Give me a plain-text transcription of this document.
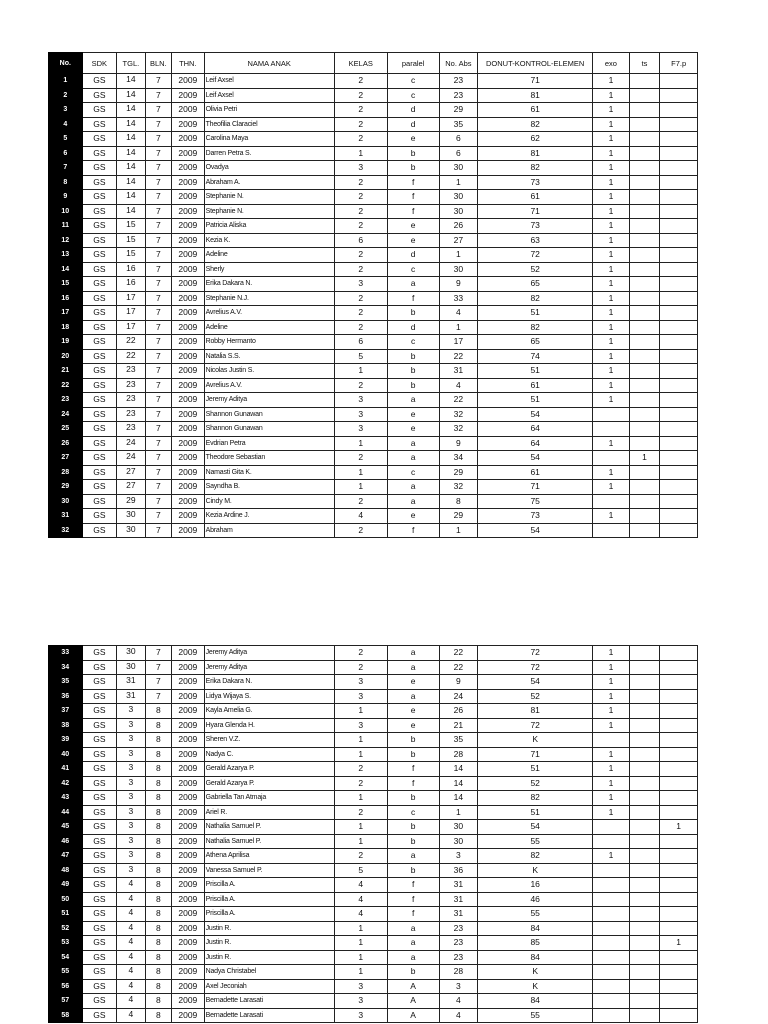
No.	SDK	TGL.	BLN.	THN.	NAMA ANAK	KELAS	paralel	No. Abs	DONUT-KONTROL-ELEMEN	exo	ts	F7.p
1	GS	14	7	2009	Leif Axsel	2	c	23	71	1		
2	GS	14	7	2009	Leif Axsel	2	c	23	81	1		
3	GS	14	7	2009	Olivia Petri	2	d	29	61	1		
4	GS	14	7	2009	Theofilia Claraciel	2	d	35	82	1		
5	GS	14	7	2009	Carolina Maya	2	e	6	62	1		
6	GS	14	7	2009	Darren Petra S.	1	b	6	81	1		
7	GS	14	7	2009	Ovadya	3	b	30	82	1		
8	GS	14	7	2009	Abraham A.	2	f	1	73	1		
9	GS	14	7	2009	Stephanie N.	2	f	30	61	1		
10	GS	14	7	2009	Stephanie N.	2	f	30	71	1		
11	GS	15	7	2009	Patricia Aliska	2	e	26	73	1		
12	GS	15	7	2009	Kezia K.	6	e	27	63	1		
13	GS	15	7	2009	Adeline	2	d	1	72	1		
14	GS	16	7	2009	Sherly	2	c	30	52	1		
15	GS	16	7	2009	Erika Dakara N.	3	a	9	65	1		
16	GS	17	7	2009	Stephanie N.J.	2	f	33	82	1		
17	GS	17	7	2009	Avrelius A.V.	2	b	4	51	1		
18	GS	17	7	2009	Adeline	2	d	1	82	1		
19	GS	22	7	2009	Robby Hermanto	6	c	17	65	1		
20	GS	22	7	2009	Natalia S.S.	5	b	22	74	1		
21	GS	23	7	2009	Nicolas Justin S.	1	b	31	51	1		
22	GS	23	7	2009	Avrelius A.V.	2	b	4	61	1		
23	GS	23	7	2009	Jeremy Aditya	3	a	22	51	1		
24	GS	23	7	2009	Shannon Gunawan	3	e	32	54			
25	GS	23	7	2009	Shannon Gunawan	3	e	32	64			
26	GS	24	7	2009	Evdrian Petra	1	a	9	64	1		
27	GS	24	7	2009	Theodore Sebastian	2	a	34	54		1	
28	GS	27	7	2009	Namasti Gita K.	1	c	29	61	1		
29	GS	27	7	2009	Sayndha B.	1	a	32	71	1		
30	GS	29	7	2009	Cindy M.	2	a	8	75			
31	GS	30	7	2009	Kezia Ardine J.	4	e	29	73	1		
32	GS	30	7	2009	Abraham	2	f	1	54			
33	GS	30	7	2009	Jeremy Aditya	2	a	22	72	1		
34	GS	30	7	2009	Jeremy Aditya	2	a	22	72	1		
35	GS	31	7	2009	Erika Dakara N.	3	e	9	54	1		
36	GS	31	7	2009	Lidya Wijaya S.	3	a	24	52	1		
37	GS	3	8	2009	Kayla Amelia G.	1	e	26	81	1		
38	GS	3	8	2009	Hyara Glenda H.	3	e	21	72	1		
39	GS	3	8	2009	Sheren V.Z.	1	b	35	K			
40	GS	3	8	2009	Nadya C.	1	b	28	71	1		
41	GS	3	8	2009	Gerald Azarya P.	2	f	14	51	1		
42	GS	3	8	2009	Gerald Azarya P.	2	f	14	52	1		
43	GS	3	8	2009	Gabriella Tan Atmaja	1	b	14	82	1		
44	GS	3	8	2009	Ariel R.	2	c	1	51	1		
45	GS	3	8	2009	Nathalia Samuel P.	1	b	30	54			1
46	GS	3	8	2009	Nathalia Samuel P.	1	b	30	55			
47	GS	3	8	2009	Athena Aprilisa	2	a	3	82	1		
48	GS	3	8	2009	Vanessa Samuel P.	5	b	36	K			
49	GS	4	8	2009	Priscilla A.	4	f	31	16			
50	GS	4	8	2009	Priscilla A.	4	f	31	46			
51	GS	4	8	2009	Priscilla A.	4	f	31	55			
52	GS	4	8	2009	Justin R.	1	a	23	84			
53	GS	4	8	2009	Justin R.	1	a	23	85			1
54	GS	4	8	2009	Justin R.	1	a	23	84			
55	GS	4	8	2009	Nadya Christabel	1	b	28	K			
56	GS	4	8	2009	Axel Jeconiah	3	A	3	K			
57	GS	4	8	2009	Bernadette Larasati	3	A	4	84			
58	GS	4	8	2009	Bernadette Larasati	3	A	4	55			
